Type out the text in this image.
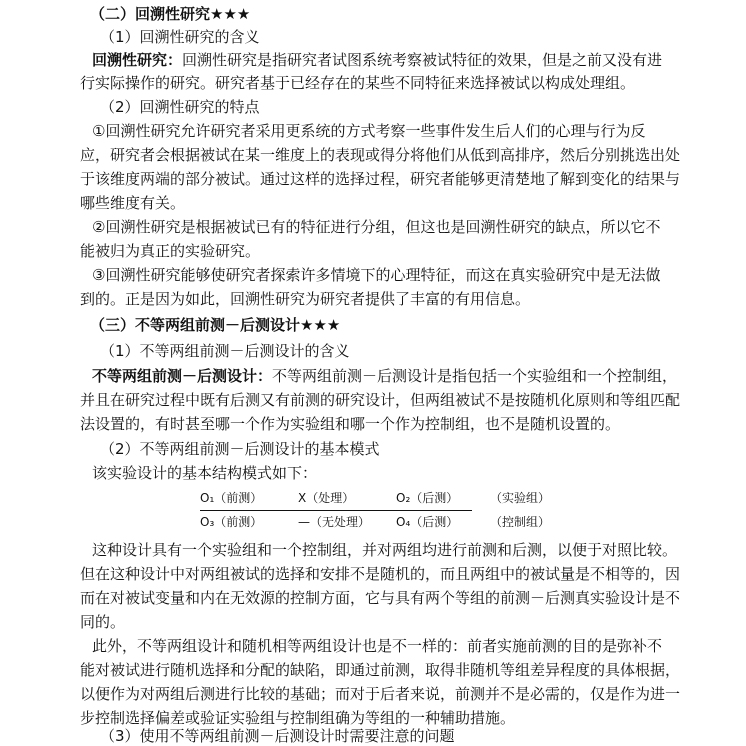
（二）回溯性研究★★★
（1）回溯性研究的含义
回溯性研究：回溯性研究是指研究者试图系统考察被试特征的效果，但是之前又没有进
行实际操作的研究。研究者基于已经存在的某些不同特征来选择被试以构成处理组。
（2）回溯性研究的特点
①回溯性研究允许研究者采用更系统的方式考察一些事件发生后人们的心理与行为反
应，研究者会根据被试在某一维度上的表现或得分将他们从低到高排序，然后分别挑选出处
于该维度两端的部分被试。通过这样的选择过程，研究者能够更清楚地了解到变化的结果与
哪些维度有关。
②回溯性研究是根据被试已有的特征进行分组，但这也是回溯性研究的缺点，所以它不
能被归为真正的实验研究。
③回溯性研究能够使研究者探索许多情境下的心理特征，而这在真实验研究中是无法做
到的。正是因为如此，回溯性研究为研究者提供了丰富的有用信息。
（三）不等两组前测－后测设计★★★
（1）不等两组前测－后测设计的含义
不等两组前测－后测设计：不等两组前测－后测设计是指包括一个实验组和一个控制组，
并且在研究过程中既有后测又有前测的研究设计，但两组被试不是按随机化原则和等组匹配
法设置的，有时甚至哪一个作为实验组和哪一个作为控制组，也不是随机设置的。
（2）不等两组前测－后测设计的基本模式
该实验设计的基本结构模式如下：
O₁（前测）	X（处理）	O₂（后测）	（实验组）
O₃（前测）	—（无处理） O₄（后测）	（控制组）
这种设计具有一个实验组和一个控制组，并对两组均进行前测和后测，以便于对照比较。
但在这种设计中对两组被试的选择和安排不是随机的，而且两组中的被试量是不相等的，因
而在对被试变量和内在无效源的控制方面，它与具有两个等组的前测－后测真实验设计是不
同的。
此外，不等两组设计和随机相等两组设计也是不一样的：前者实施前测的目的是弥补不
能对被试进行随机选择和分配的缺陷，即通过前测，取得非随机等组差异程度的具体根据，
以便作为对两组后测进行比较的基础；而对于后者来说，前测并不是必需的，仅是作为进一
步控制选择偏差或验证实验组与控制组确为等组的一种辅助措施。
（3）使用不等两组前测－后测设计时需要注意的问题
